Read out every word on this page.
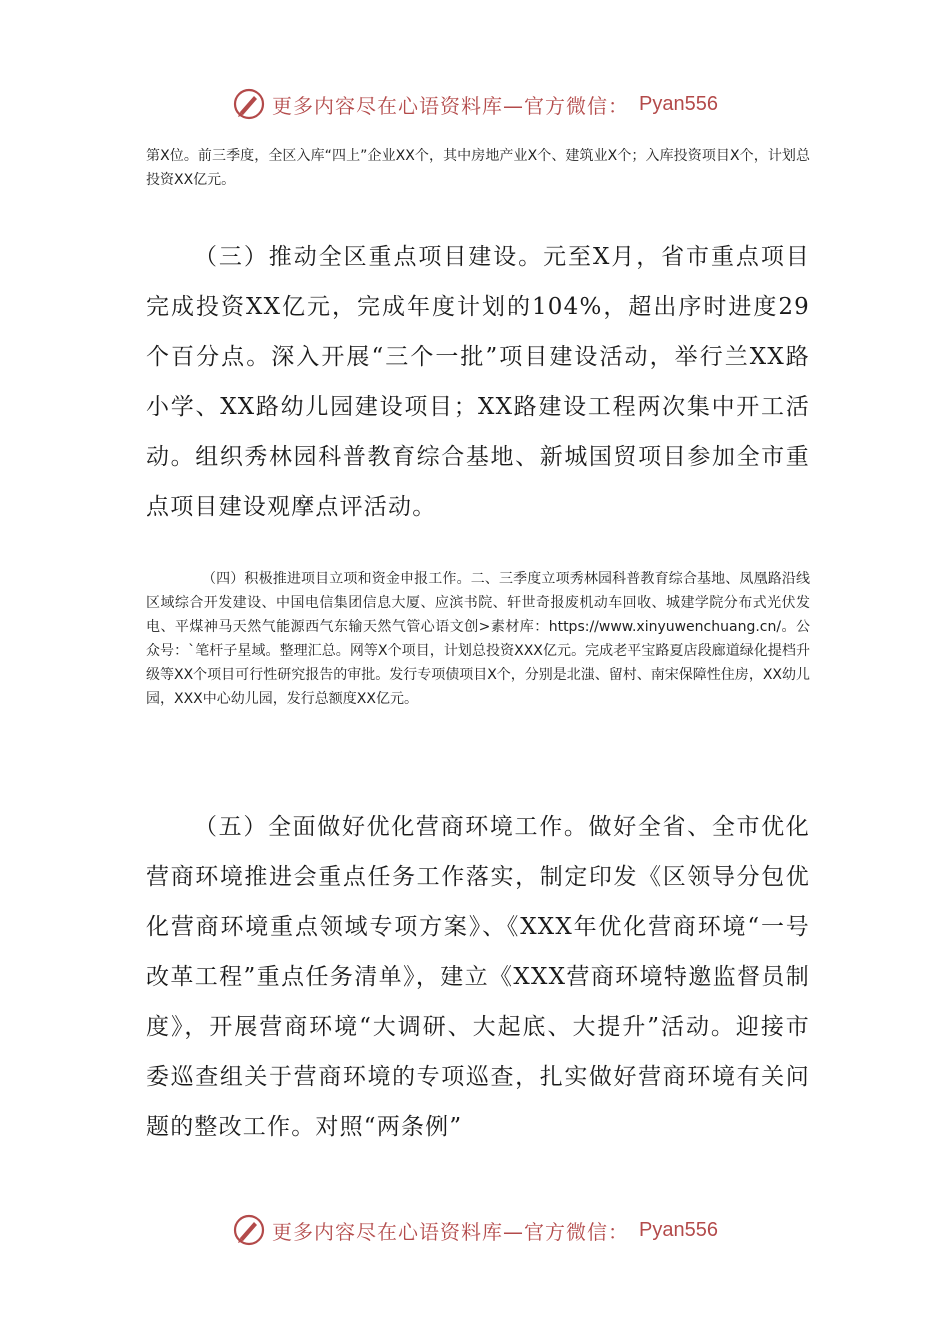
更多内容尽在心语资料库—官方微信： Pyan556

第X位。前三季度，全区入库“四上”企业XX个，其中房地产业X个、建筑业X个；入库投资项目X个，计划总投资XX亿元。

（三）推动全区重点项目建设。元至X月，省市重点项目完成投资XX亿元，完成年度计划的104%，超出序时进度29个百分点。深入开展“三个一批”项目建设活动，举行兰XX路小学、XX路幼儿园建设项目；XX路建设工程两次集中开工活动。组织秀林园科普教育综合基地、新城国贸项目参加全市重点项目建设观摩点评活动。

（四）积极推进项目立项和资金申报工作。二、三季度立项秀林园科普教育综合基地、凤凰路沿线区域综合开发建设、中国电信集团信息大厦、应滨书院、轩世奇报废机动车回收、城建学院分布式光伏发电、平煤神马天然气能源西气东输天然气管心语文创>素材库：https://www.xinyuwenchuang.cn/。公众号：`笔杆子星域。整理汇总。网等X个项目，计划总投资XXX亿元。完成老平宝路夏店段廊道绿化提档升级等XX个项目可行性研究报告的审批。发行专项债项目X个，分别是北滍、留村、南宋保障性住房，XX幼儿园，XXX中心幼儿园，发行总额度XX亿元。

（五）全面做好优化营商环境工作。做好全省、全市优化营商环境推进会重点任务工作落实，制定印发《区领导分包优化营商环境重点领域专项方案》、《XXX年优化营商环境“一号改革工程”重点任务清单》，建立《XXX营商环境特邀监督员制度》，开展营商环境“大调研、大起底、大提升”活动。迎接市委巡查组关于营商环境的专项巡查，扎实做好营商环境有关问题的整改工作。对照“两条例”

更多内容尽在心语资料库—官方微信： Pyan556
